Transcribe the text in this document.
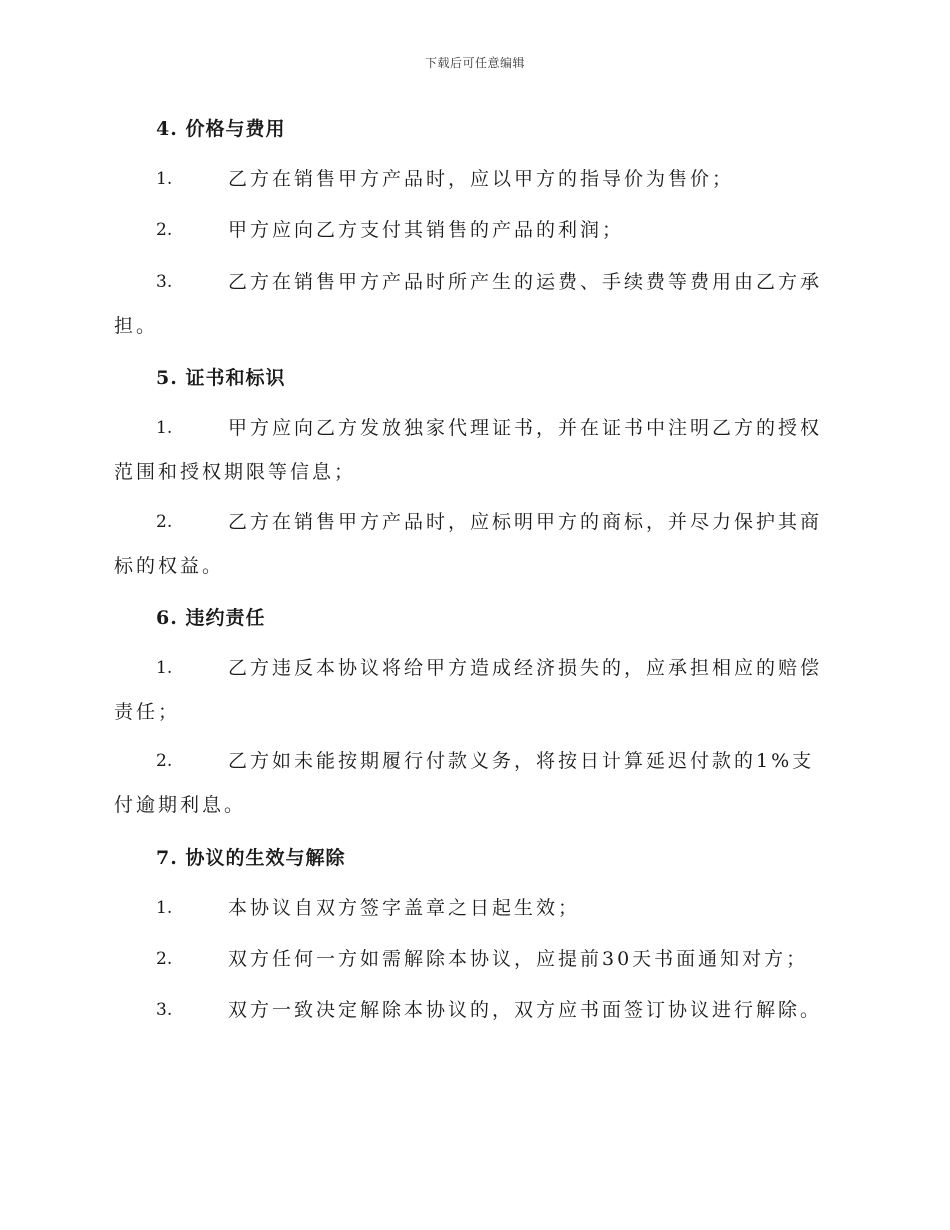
下载后可任意编辑
4. 价格与费用
1.	乙方在销售甲方产品时，应以甲方的指导价为售价；
2.	甲方应向乙方支付其销售的产品的利润；
3.	乙方在销售甲方产品时所产生的运费、手续费等费用由乙方承担。
5. 证书和标识
1.	甲方应向乙方发放独家代理证书，并在证书中注明乙方的授权范围和授权期限等信息；
2.	乙方在销售甲方产品时，应标明甲方的商标，并尽力保护其商标的权益。
6. 违约责任
1.	乙方违反本协议将给甲方造成经济损失的，应承担相应的赔偿责任；
2.	乙方如未能按期履行付款义务，将按日计算延迟付款的1%支付逾期利息。
7. 协议的生效与解除
1.	本协议自双方签字盖章之日起生效；
2.	双方任何一方如需解除本协议，应提前30天书面通知对方；
3.	双方一致决定解除本协议的，双方应书面签订协议进行解除。
